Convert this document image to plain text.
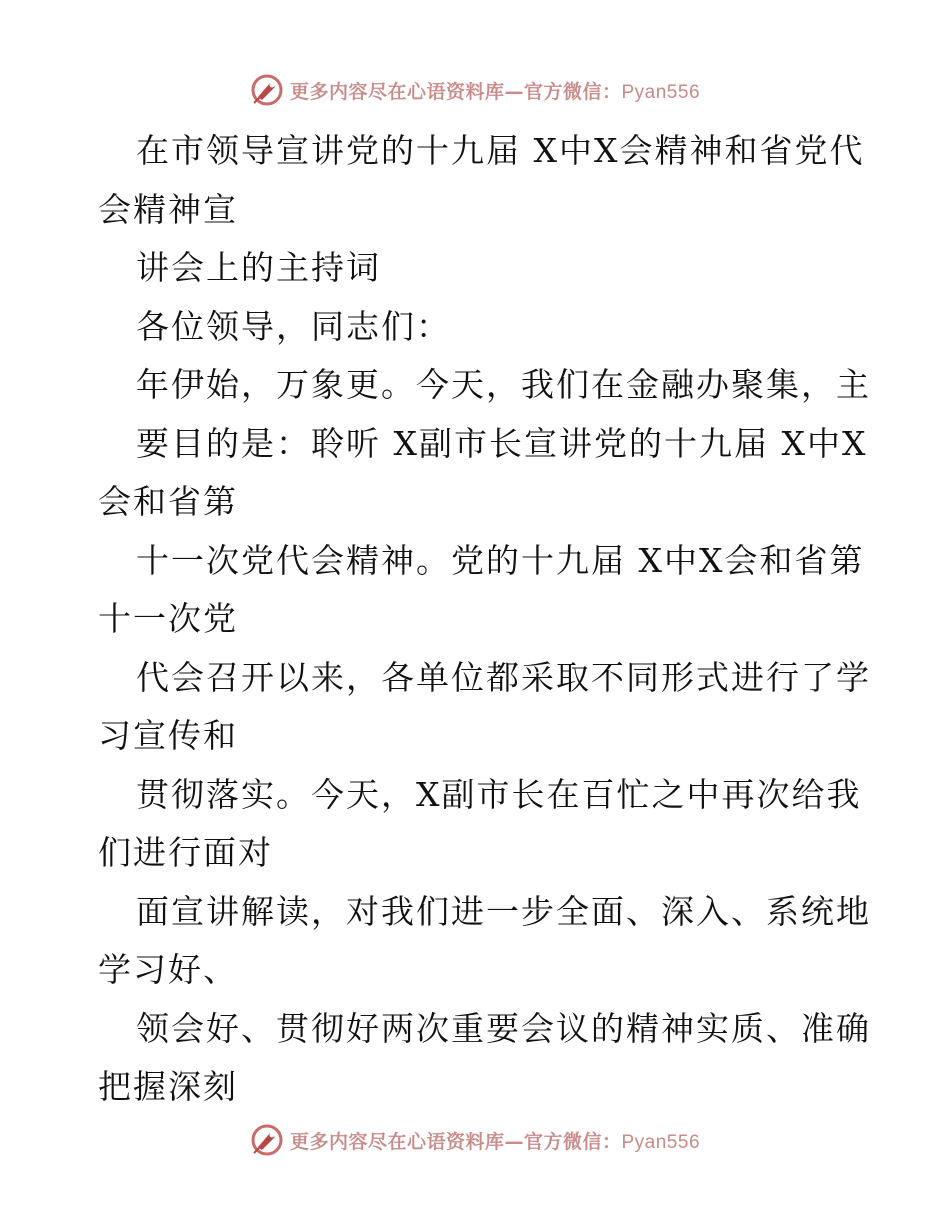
更多内容尽在心语资料库—官方微信：Pyan556
在市领导宣讲党的十九届 X中X会精神和省党代
会精神宣
讲会上的主持词
各位领导，同志们：
年伊始，万象更。今天，我们在金融办聚集，主
要目的是：聆听 X副市长宣讲党的十九届 X中X
会和省第
十一次党代会精神。党的十九届 X中X会和省第
十一次党
代会召开以来，各单位都采取不同形式进行了学
习宣传和
贯彻落实。今天，X副市长在百忙之中再次给我
们进行面对
面宣讲解读，对我们进一步全面、深入、系统地
学习好、
领会好、贯彻好两次重要会议的精神实质、准确
把握深刻
更多内容尽在心语资料库—官方微信：Pyan556
